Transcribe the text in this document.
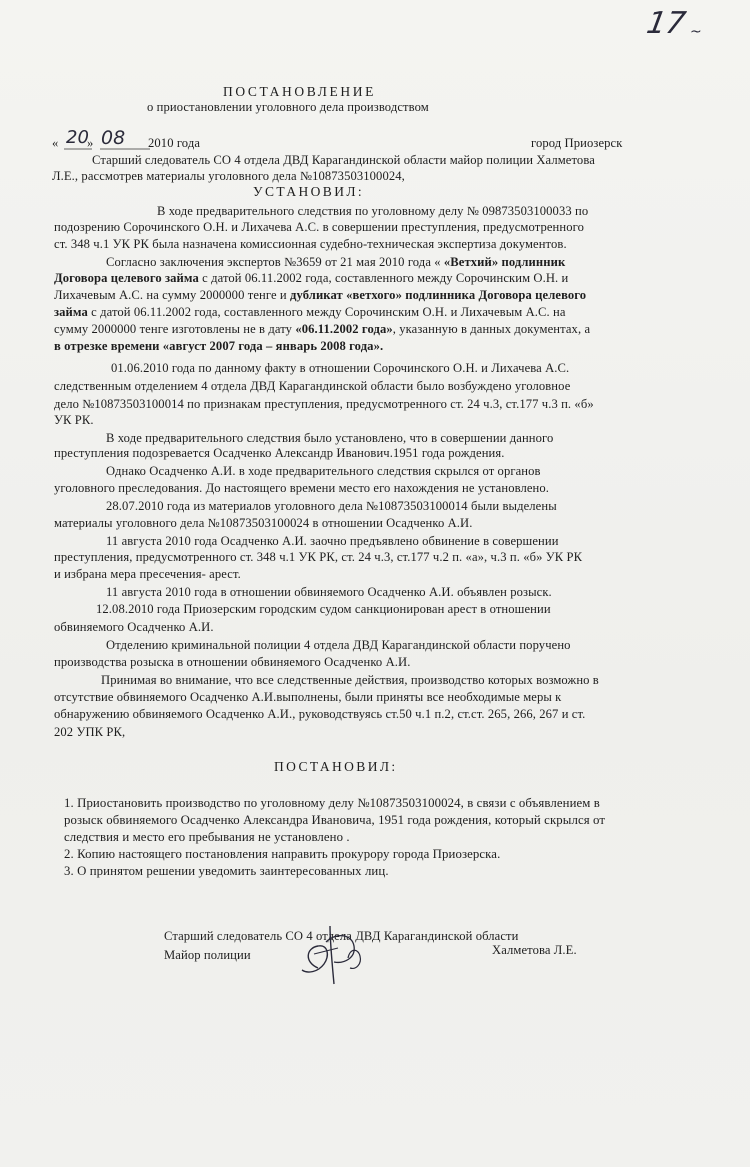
17 ~
ПОСТАНОВЛЕНИЕ
о приостановлении уголовного дела производством
« 20
» 08 2010 года	город Приозерск
Старший следователь СО 4 отдела ДВД Карагандинской области майор полиции Халметова
Л.Е., рассмотрев материалы уголовного дела №10873503100024,
УСТАНОВИЛ:
В ходе предварительного следствия по уголовному делу № 09873503100033 по
подозрению Сорочинского О.Н. и Лихачева А.С. в совершении преступления, предусмотренного
ст. 348 ч.1 УК РК была назначена комиссионная судебно-техническая экспертиза документов.
Согласно заключения экспертов №3659 от 21 мая 2010 года « «Ветхий» подлинник
Договора целевого займа с датой 06.11.2002 года, составленного между Сорочинским О.Н. и
Лихачевым А.С. на сумму 2000000 тенге и дубликат «ветхого» подлинника Договора целевого
займа с датой 06.11.2002 года, составленного между Сорочинским О.Н. и Лихачевым А.С. на
сумму 2000000 тенге изготовлены не в дату «06.11.2002 года», указанную в данных документах, а
в отрезке времени «август 2007 года – январь 2008 года».
01.06.2010 года по данному факту в отношении Сорочинского О.Н. и Лихачева А.С.
следственным отделением 4 отдела ДВД Карагандинской области было возбуждено уголовное
дело №10873503100014 по признакам преступления, предусмотренного ст. 24 ч.3, ст.177 ч.3 п. «б»
УК РК.
В ходе предварительного следствия было установлено, что в совершении данного
преступления подозревается Осадченко Александр Иванович.1951 года рождения.
Однако Осадченко А.И. в ходе предварительного следствия скрылся от органов
уголовного преследования. До настоящего времени место его нахождения не установлено.
28.07.2010 года из материалов уголовного дела №10873503100014 были выделены
материалы уголовного дела №10873503100024 в отношении Осадченко А.И.
11 августа 2010 года Осадченко А.И. заочно предъявлено обвинение в совершении
преступления, предусмотренного ст. 348 ч.1 УК РК, ст. 24 ч.3, ст.177 ч.2 п. «а», ч.3 п. «б» УК РК
и избрана мера пресечения- арест.
11 августа 2010 года в отношении обвиняемого Осадченко А.И. объявлен розыск.
12.08.2010 года Приозерским городским судом санкционирован арест в отношении
обвиняемого Осадченко А.И.
Отделению криминальной полиции 4 отдела ДВД Карагандинской области поручено
производства розыска в отношении обвиняемого Осадченко А.И.
Принимая во внимание, что все следственные действия, производство которых возможно в
отсутствие обвиняемого Осадченко А.И.выполнены, были приняты все необходимые меры к
обнаружению обвиняемого Осадченко А.И., руководствуясь ст.50 ч.1 п.2, ст.ст. 265, 266, 267 и ст.
202 УПК РК,
ПОСТАНОВИЛ:
1. Приостановить производство по уголовному делу №10873503100024, в связи с объявлением в
розыск обвиняемого Осадченко Александра Ивановича, 1951 года рождения, который скрылся от
следствия и место его пребывания не установлено .
2. Копию настоящего постановления направить прокурору города Приозерска.
3. О принятом решении уведомить заинтересованных лиц.
Старший следователь СО 4 отдела ДВД Карагандинской области
Майор полиции	Халметова Л.Е.
